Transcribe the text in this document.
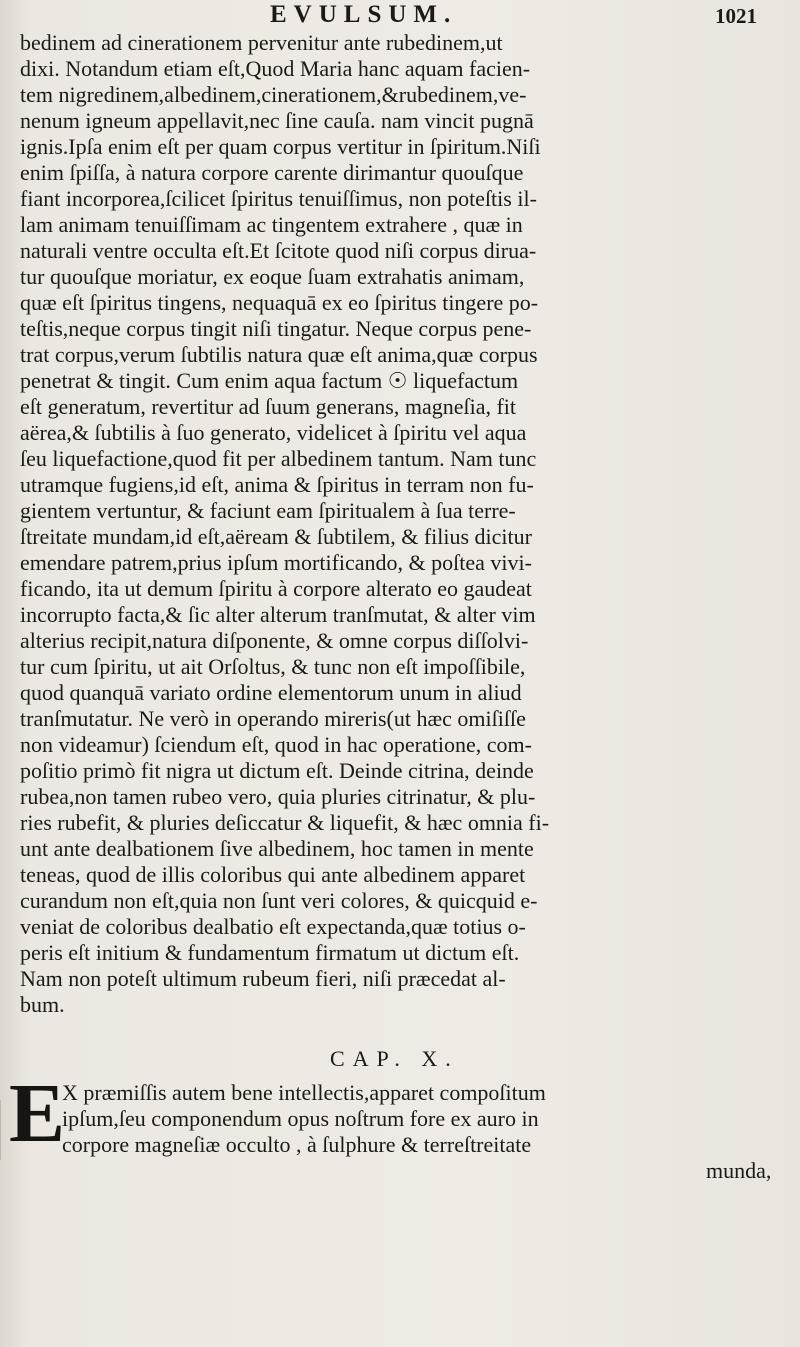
EVULSUM.	1021
bedinem ad cinerationem pervenitur ante rubedinem,ut
dixi. Notandum etiam eſt,Quod Maria hanc aquam facien-
tem nigredinem,albedinem,cinerationem,&rubedinem,ve-
nenum igneum appellavit,nec ſine cauſa. nam vincit pugnā
ignis.Ipſa enim eſt per quam corpus vertitur in ſpiritum.Niſi
enim ſpiſſa, à natura corpore carente dirimantur quouſque
fiant incorporea,ſcilicet ſpiritus tenuiſſimus, non poteſtis il-
lam animam tenuiſſimam ac tingentem extrahere , quæ in
naturali ventre occulta eſt.Et ſcitote quod niſi corpus dirua-
tur quouſque moriatur, ex eoque ſuam extrahatis animam,
quæ eſt ſpiritus tingens, nequaquā ex eo ſpiritus tingere po-
teſtis,neque corpus tingit niſi tingatur. Neque corpus pene-
trat corpus,verum ſubtilis natura quæ eſt anima,quæ corpus
penetrat & tingit. Cum enim aqua factum ☉ liquefactum
eſt generatum, revertitur ad ſuum generans, magneſia, fit
aërea,& ſubtilis à ſuo generato, videlicet à ſpiritu vel aqua
ſeu liquefactione,quod fit per albedinem tantum. Nam tunc
utramque fugiens,id eſt, anima & ſpiritus in terram non fu-
gientem vertuntur, & faciunt eam ſpiritualem à ſua terre-
ſtreitate mundam,id eſt,aëream & ſubtilem, & filius dicitur
emendare patrem,prius ipſum mortificando, & poſtea vivi-
ficando, ita ut demum ſpiritu à corpore alterato eo gaudeat
incorrupto facta,& ſic alter alterum tranſmutat, & alter vim
alterius recipit,natura diſponente, & omne corpus diſſolvi-
tur cum ſpiritu, ut ait Orſoltus, & tunc non eſt impoſſibile,
quod quanquā variato ordine elementorum unum in aliud
tranſmutatur. Ne verò in operando mireris(ut hæc omiſiſſe
non videamur) ſciendum eſt, quod in hac operatione, com-
poſitio primò fit nigra ut dictum eſt. Deinde citrina, deinde
rubea,non tamen rubeo vero, quia pluries citrinatur, & plu-
ries rubefit, & pluries deſiccatur & liquefit, & hæc omnia fi-
unt ante dealbationem ſive albedinem, hoc tamen in mente
teneas, quod de illis coloribus qui ante albedinem apparet
curandum non eſt,quia non ſunt veri colores, & quicquid e-
veniat de coloribus dealbatio eſt expectanda,quæ totius o-
peris eſt initium & fundamentum firmatum ut dictum eſt.
Nam non poteſt ultimum rubeum fieri, niſi præcedat al-
bum.
CAP. X.
E
X præmiſſis autem bene intellectis,apparet compoſitum
ipſum,ſeu componendum opus noſtrum fore ex auro in
corpore magneſiæ occulto , à ſulphure & terreſtreitate
munda,
